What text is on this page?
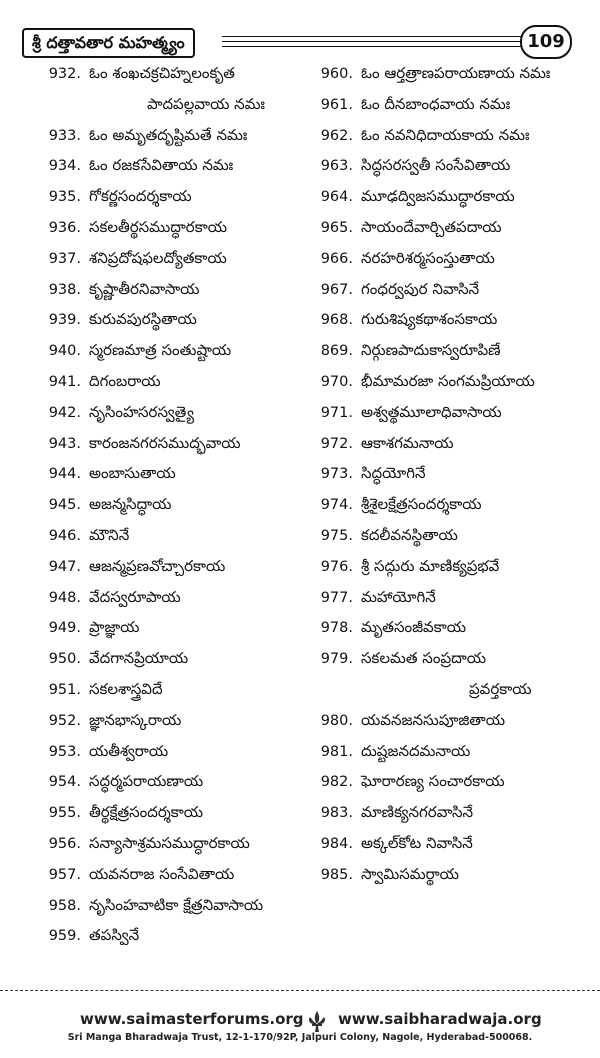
శ్రీ దత్తావతార మహత్మ్యం	109
932. ఓం శంఖచక్రచిహ్నలంకృత
పాదపల్లవాయ నమః
933. ఓం అమృతదృష్టిమతే నమః
934. ఓం రజకసేవితాయ నమః
935. గోకర్ణసందర్శకాయ
936. సకలతీర్థసముద్ధారకాయ
937. శనిప్రదోషఫలద్యోతకాయ
938. కృష్ణాతీరనివాసాయ
939. కురువపురస్థితాయ
940. స్మరణమాత్ర సంతుష్టాయ
941. దిగంబరాయ
942. నృసింహసరస్వత్యై
943. కారంజనగరసముద్భవాయ
944. అంబాసుతాయ
945. అజన్మసిద్ధాయ
946. మౌనినే
947. ఆజన్మప్రణవోచ్చారకాయ
948. వేదస్వరూపాయ
949. ప్రాజ్ఞాయ
950. వేదగానప్రియాయ
951. సకలశాస్త్రవిదే
952. జ్ఞానభాస్కరాయ
953. యతీశ్వరాయ
954. సద్ధర్మపరాయణాయ
955. తీర్థక్షేత్రసందర్శకాయ
956. సన్యాసాశ్రమసముద్ధారకాయ
957. యవనరాజ సంసేవితాయ
958. నృసింహవాటికా క్షేత్రనివాసాయ
959. తపస్వినే
960. ఓం ఆర్తత్రాణపరాయణాయ నమః
961. ఓం దీనబాంధవాయ నమః
962. ఓం నవనిధిదాయకాయ నమః
963. సిద్ధసరస్వతీ సంసేవితాయ
964. మూఢద్విజసముద్ధారకాయ
965. సాయందేవార్చితపదాయ
966. నరహరిశర్మసంస్తుతాయ
967. గంధర్వపుర నివాసినే
968. గురుశిష్యకథాశంసకాయ
869. నిర్గుణపాదుకాస్వరూపిణే
970. భీమామరజా సంగమప్రియాయ
971. అశ్వత్థమూలాధివాసాయ
972. ఆకాశగమనాయ
973. సిద్ధయోగినే
974. శ్రీశైలక్షేత్రసందర్శకాయ
975. కదలీవనస్థితాయ
976. శ్రీ సద్గురు మాణిక్యప్రభవే
977. మహాయోగినే
978. మృతసంజీవకాయ
979. సకలమత సంప్రదాయ
ప్రవర్తకాయ
980. యవనజనసుపూజితాయ
981. దుష్టజనదమనాయ
982. ఘోరారణ్య సంచారకాయ
983. మాణిక్యనగరవాసినే
984. అక్కల్‌కోట నివాసినే
985. స్వామిసమర్థాయ
www.saimasterforums.org www.saibharadwaja.org
Sri Manga Bharadwaja Trust, 12-1-170/92P, Jalpuri Colony, Nagole, Hyderabad-500068.
